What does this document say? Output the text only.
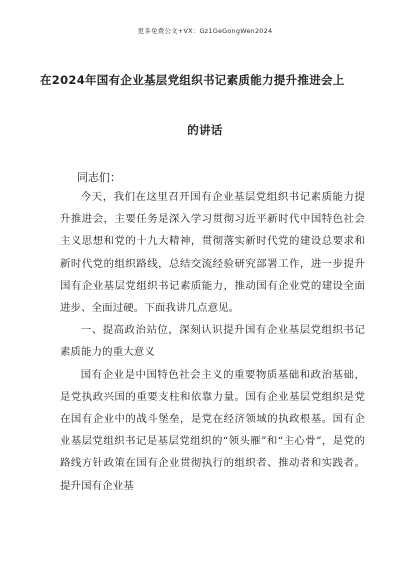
更多免费公文+VX：Gz1GeGongWen2024
在2024年国有企业基层党组织书记素质能力提升推进会上
的讲话
同志们：

今天，我们在这里召开国有企业基层党组织书记素质能力提升推进会，主要任务是深入学习贯彻习近平新时代中国特色社会主义思想和党的十九大精神，贯彻落实新时代党的建设总要求和新时代党的组织路线，总结交流经验研究部署工作，进一步提升国有企业基层党组织书记素质能力，推动国有企业党的建设全面进步、全面过硬。下面我讲几点意见。

一、提高政治站位，深刻认识提升国有企业基层党组织书记素质能力的重大意义

国有企业是中国特色社会主义的重要物质基础和政治基础，是党执政兴国的重要支柱和依靠力量。国有企业基层党组织是党在国有企业中的战斗堡垒，是党在经济领域的执政根基。国有企业基层党组织书记是基层党组织的“领头雁”和“主心骨”，是党的路线方针政策在国有企业贯彻执行的组织者、推动者和实践者。提升国有企业基
